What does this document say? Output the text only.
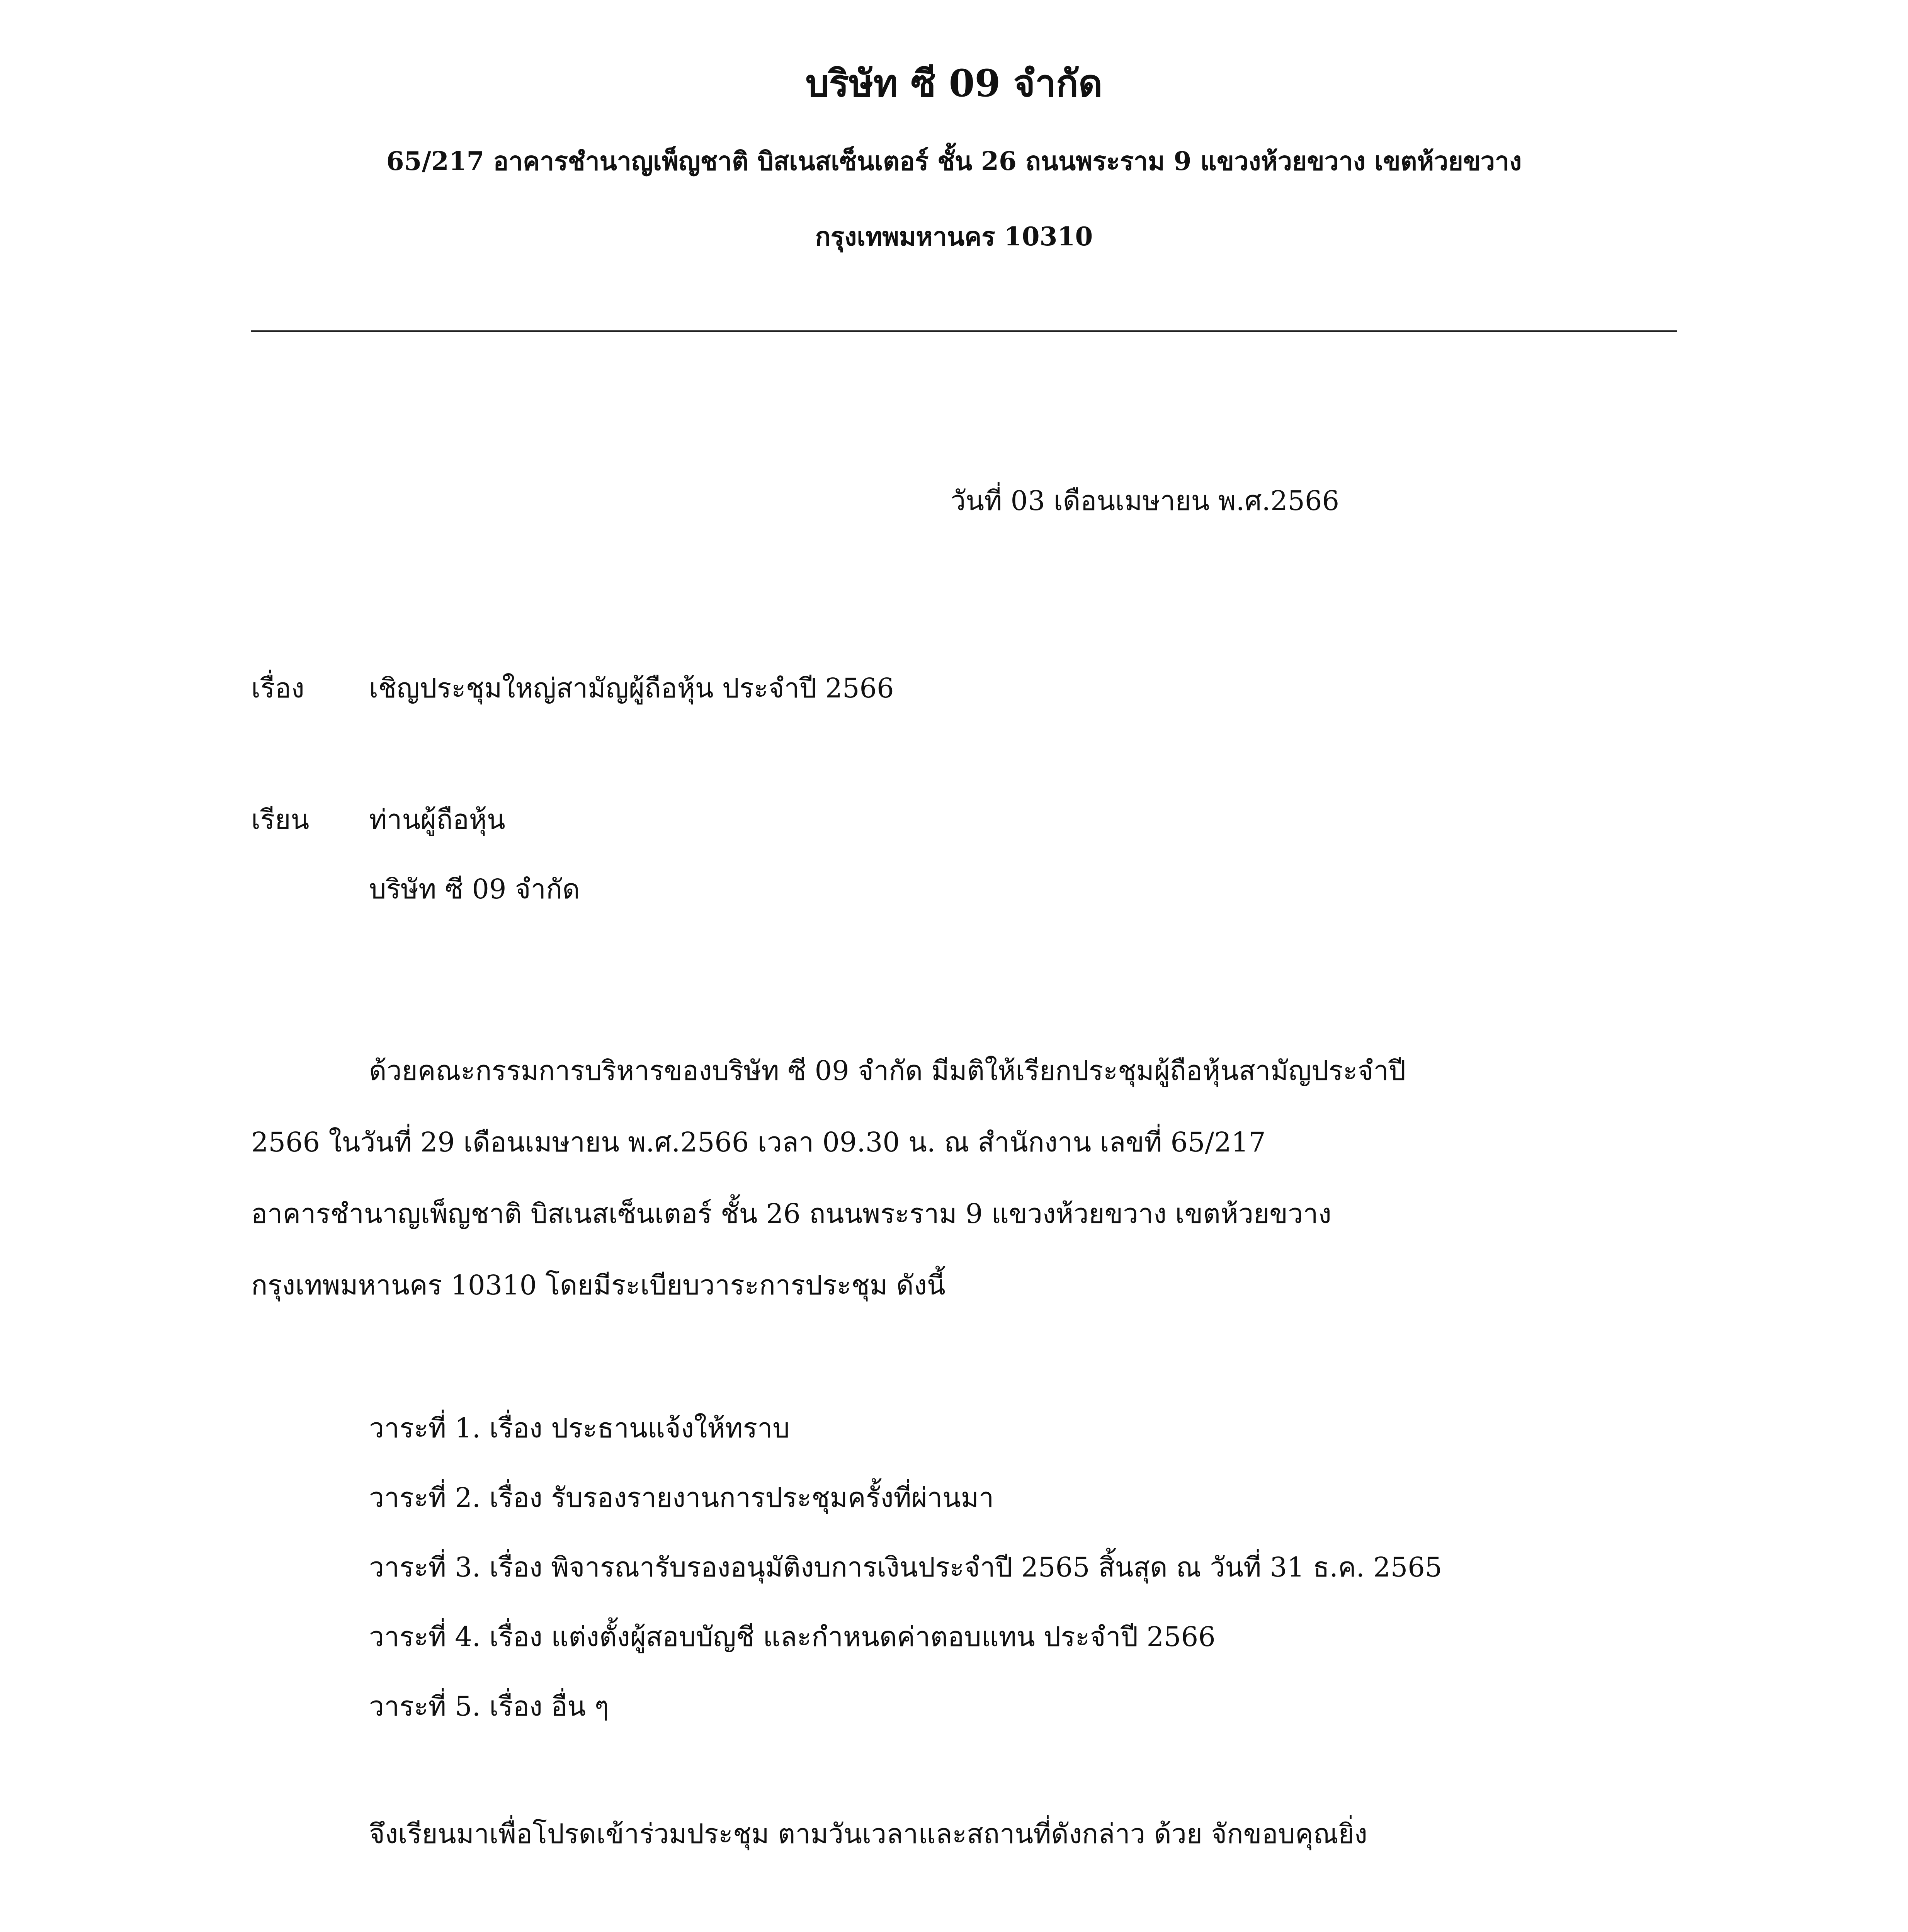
บริษัท ซี 09 จำกัด
65/217 อาคารชำนาญเพ็ญชาติ บิสเนสเซ็นเตอร์ ชั้น 26 ถนนพระราม 9 แขวงห้วยขวาง เขตห้วยขวาง
กรุงเทพมหานคร 10310
วันที่ 03 เดือนเมษายน พ.ศ.2566
เรื่อง เชิญประชุมใหญ่สามัญผู้ถือหุ้น ประจำปี 2566
เรียน ท่านผู้ถือหุ้น
บริษัท ซี 09 จำกัด
ด้วยคณะกรรมการบริหารของบริษัท ซี 09 จำกัด มีมติให้เรียกประชุมผู้ถือหุ้นสามัญประจำปี
2566 ในวันที่ 29 เดือนเมษายน พ.ศ.2566 เวลา 09.30 น. ณ สำนักงาน เลขที่ 65/217
อาคารชำนาญเพ็ญชาติ บิสเนสเซ็นเตอร์ ชั้น 26 ถนนพระราม 9 แขวงห้วยขวาง เขตห้วยขวาง
กรุงเทพมหานคร 10310 โดยมีระเบียบวาระการประชุม ดังนี้
วาระที่ 1. เรื่อง ประธานแจ้งให้ทราบ
วาระที่ 2. เรื่อง รับรองรายงานการประชุมครั้งที่ผ่านมา
วาระที่ 3. เรื่อง พิจารณารับรองอนุมัติงบการเงินประจำปี 2565 สิ้นสุด ณ วันที่ 31 ธ.ค. 2565
วาระที่ 4. เรื่อง แต่งตั้งผู้สอบบัญชี และกำหนดค่าตอบแทน ประจำปี 2566
วาระที่ 5. เรื่อง อื่น ๆ
จึงเรียนมาเพื่อโปรดเข้าร่วมประชุม ตามวันเวลาและสถานที่ดังกล่าว ด้วย จักขอบคุณยิ่ง
